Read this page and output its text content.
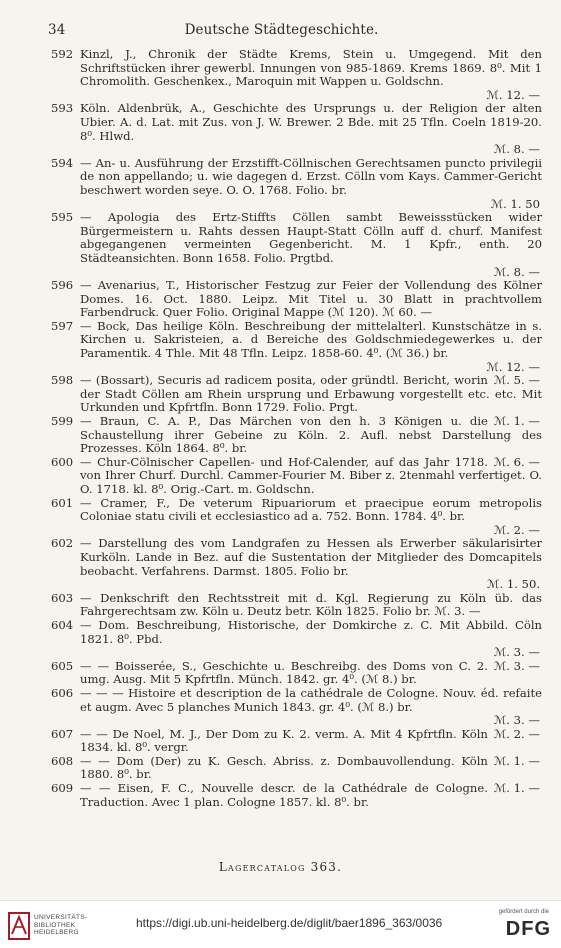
34	Deutsche Städtegeschichte.

592 Kinzl, J., Chronik der Städte Krems, Stein u. Umgegend. Mit den Schriftstücken ihrer gewerbl. Innungen von 985-1869. Krems 1869. 8⁰. Mit 1 Chromolith. Geschenkex., Maroquin mit Wappen u. Goldschn.
ℳ. 12. —

593 Köln. Aldenbrük, A., Geschichte des Ursprungs u. der Religion der alten Ubier. A. d. Lat. mit Zus. von J. W. Brewer. 2 Bde. mit 25 Tfln. Coeln 1819-20. 8⁰. Hlwd.
ℳ. 8. —

594 — An- u. Ausführung der Erzstifft-Cöllnischen Gerechtsamen puncto privilegii de non appellando; u. wie dagegen d. Erzst. Cölln vom Kays. Cammer-Gericht beschwert worden seye. O. O. 1768. Folio. br.
ℳ. 1. 50

595 — Apologia des Ertz-Stiffts Cöllen sambt Beweissstücken wider Bürgermeistern u. Rahts dessen Haupt-Statt Cölln auff d. churf. Manifest abgegangenen vermeinten Gegenbericht. M. 1 Kpfr., enth. 20 Städteansichten. Bonn 1658. Folio. Prgtbd.
ℳ. 8. —

596 — Avenarius, T., Historischer Festzug zur Feier der Vollendung des Kölner Domes. 16. Oct. 1880. Leipz. Mit Titel u. 30 Blatt in prachtvollem Farbendruck. Quer Folio. Original Mappe (ℳ 120). ℳ 60. —

597 — Bock, Das heilige Köln. Beschreibung der mittelalterl. Kunstschätze in s. Kirchen u. Sakristeien, a. d Bereiche des Goldschmiedegewerkes u. der Paramentik. 4 Thle. Mit 48 Tfln. Leipz. 1858-60. 4⁰. (ℳ 36.) br.
ℳ. 12. —

598	ℳ. 5. —
— (Bossart), Securis ad radicem posita, oder gründtl. Bericht, worin der Stadt Cöllen am Rhein ursprung und Erbawung vorgestellt etc. etc. Mit Urkunden und Kpfrtfln. Bonn 1729. Folio. Prgt.

599	ℳ. 1. —
— Braun, C. A. P., Das Märchen von den h. 3 Königen u. die Schaustellung ihrer Gebeine zu Köln. 2. Aufl. nebst Darstellung des Prozesses. Köln 1864. 8⁰. br.

600	ℳ. 6. —
— Chur-Cölnischer Capellen- und Hof-Calender, auf das Jahr 1718. von Ihrer Churf. Durchl. Cammer-Fourier M. Biber z. 2tenmahl verfertiget. O. O. 1718. kl. 8⁰. Orig.-Cart. m. Goldschn.

601 — Cramer, F., De veterum Ripuariorum et praecipue eorum metropolis Coloniae statu civili et ecclesiastico ad a. 752. Bonn. 1784. 4⁰. br.
ℳ. 2. —

602 — Darstellung des vom Landgrafen zu Hessen als Erwerber säkularisirter Kurköln. Lande in Bez. auf die Sustentation der Mitglieder des Domcapitels beobacht. Verfahrens. Darmst. 1805. Folio br.
ℳ. 1. 50.

603 — Denkschrift den Rechtsstreit mit d. Kgl. Regierung zu Köln üb. das Fahrgerechtsam zw. Köln u. Deutz betr. Köln 1825. Folio br. ℳ. 3. —

604 — Dom. Beschreibung, Historische, der Domkirche z. C. Mit Abbild. Cöln 1821. 8⁰. Pbd.
ℳ. 3. —

605	ℳ. 3. —
— — Boisserée, S., Geschichte u. Beschreibg. des Doms von C. 2. umg. Ausg. Mit 5 Kpfrtfln. Münch. 1842. gr. 4⁰. (ℳ 8.) br.

606 — — — Histoire et description de la cathédrale de Cologne. Nouv. éd. refaite et augm. Avec 5 planches Munich 1843. gr. 4⁰. (ℳ 8.) br.
ℳ. 3. —

607	ℳ. 2. —
— — De Noel, M. J., Der Dom zu K. 2. verm. A. Mit 4 Kpfrtfln. Köln 1834. kl. 8⁰. vergr.

608	ℳ. 1. —
— — Dom (Der) zu K. Gesch. Abriss. z. Dombauvollendung. Köln 1880. 8⁰. br.

609	ℳ. 1. —
— — Eisen, F. C., Nouvelle descr. de la Cathédrale de Cologne. Traduction. Avec 1 plan. Cologne 1857. kl. 8⁰. br.

Lagercatalog 363.
UNIVERSITÄTS-
BIBLIOTHEK
HEIDELBERG
https://digi.ub.uni-heidelberg.de/diglit/baer1896_363/0036
gefördert durch die
DFG
